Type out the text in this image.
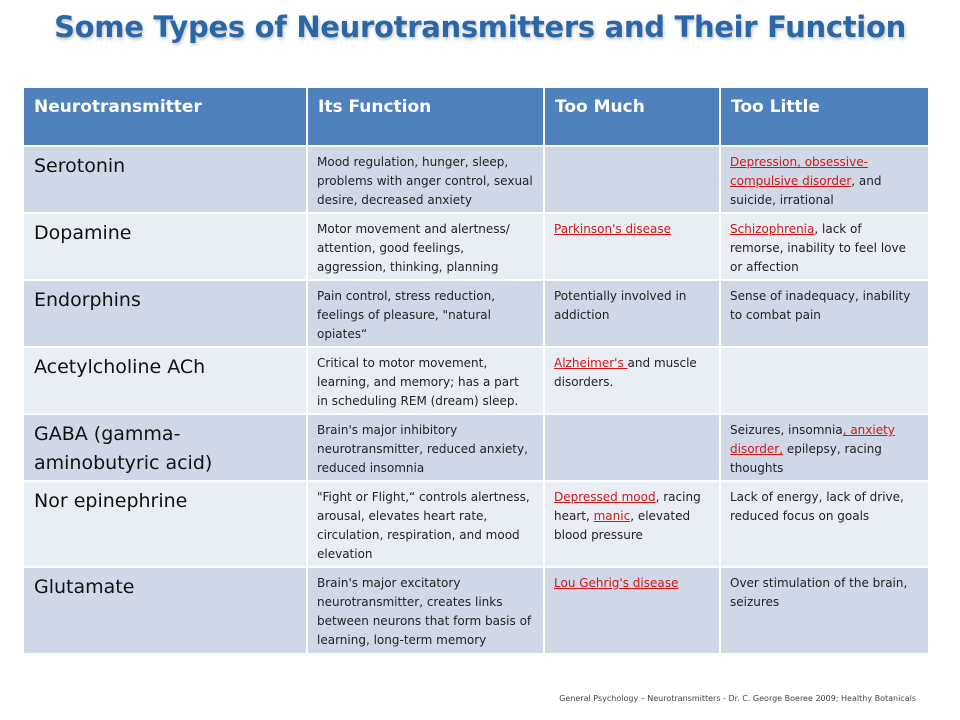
Some Types of Neurotransmitters and Their Function
Neurotransmitter	Its Function	Too Much	Too Little
Serotonin	Mood regulation, hunger, sleep, problems with anger control, sexual desire, decreased anxiety		Depression, obsessive-compulsive disorder, and suicide, irrational
Dopamine	Motor movement and alertness/ attention, good feelings, aggression, thinking, planning	Parkinson's disease	Schizophrenia, lack of remorse, inability to feel love or affection
Endorphins	Pain control, stress reduction, feelings of pleasure, "natural opiates“	Potentially involved in addiction	Sense of inadequacy, inability to combat pain
Acetylcholine ACh	Critical to motor movement, learning, and memory; has a part in scheduling REM (dream) sleep.	Alzheimer's and muscle disorders.	
GABA (gamma-aminobutyric acid)	Brain's major inhibitory neurotransmitter, reduced anxiety, reduced insomnia		Seizures, insomnia, anxiety disorder, epilepsy, racing thoughts
Nor epinephrine	"Fight or Flight,“ controls alertness, arousal, elevates heart rate, circulation, respiration, and mood elevation	Depressed mood, racing heart, manic, elevated blood pressure	Lack of energy, lack of drive, reduced focus on goals
Glutamate	Brain's major excitatory neurotransmitter, creates links between neurons that form basis of learning, long-term memory	Lou Gehrig's disease	Over stimulation of the brain, seizures
General Psychology – Neurotransmitters - Dr. C. George Boeree 2009; Healthy Botanicals
